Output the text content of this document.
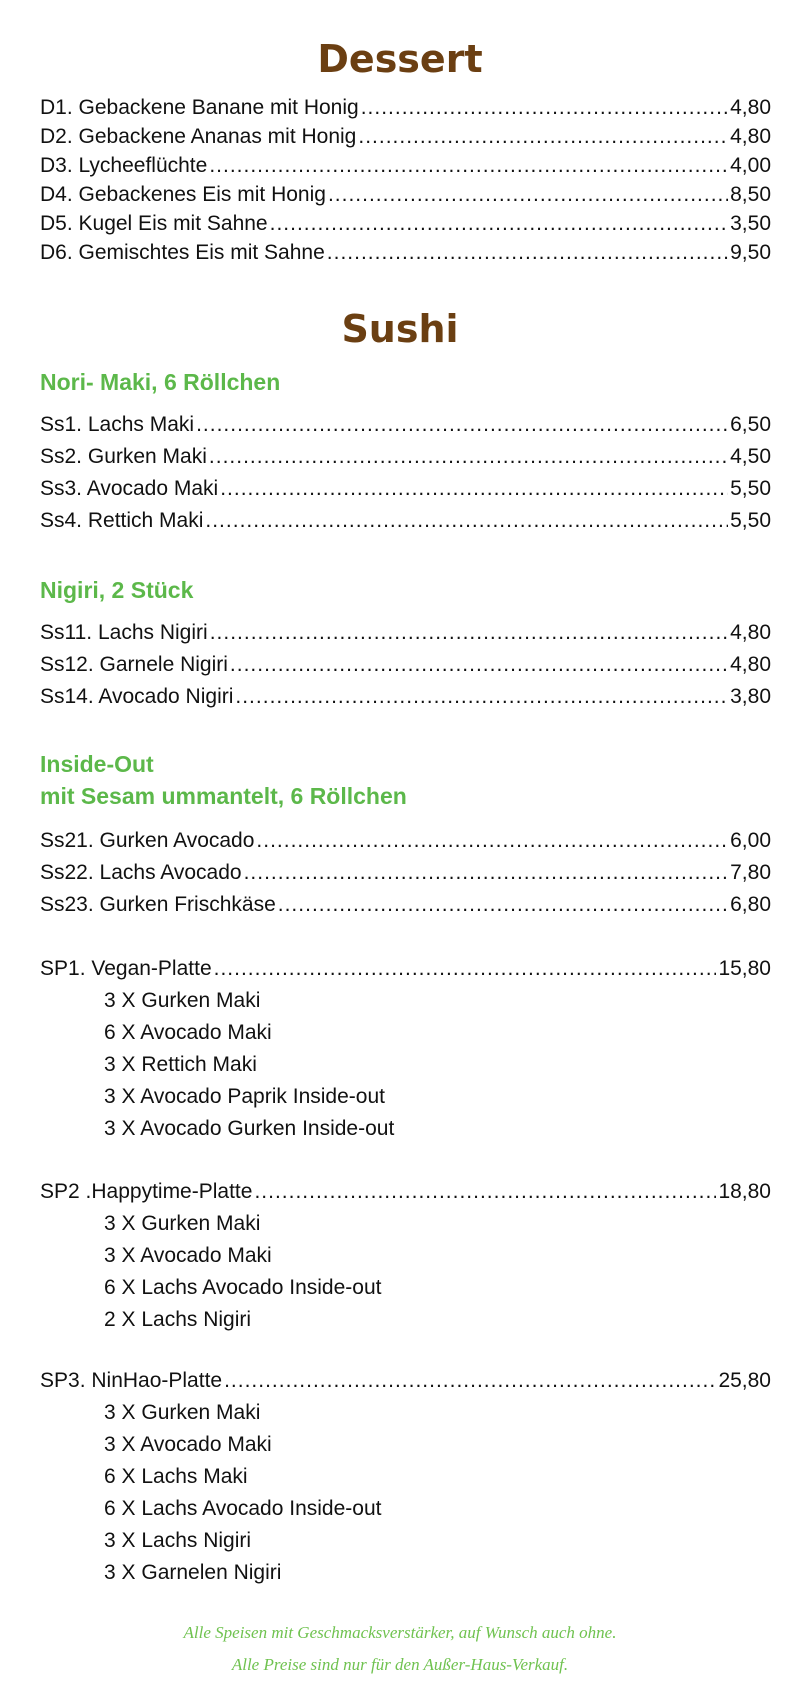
Dessert
D1. Gebackene Banane mit Honig .....	4,80
D2. Gebackene Ananas mit Honig .....	4,80
D3. Lycheeflüchte .....	4,00
D4. Gebackenes Eis mit Honig .....	8,50
D5. Kugel Eis mit Sahne .....	3,50
D6. Gemischtes Eis mit Sahne .....	9,50
Sushi
Nori- Maki, 6 Röllchen
Ss1. Lachs Maki .....	6,50
Ss2. Gurken Maki .....	4,50
Ss3. Avocado Maki .....	5,50
Ss4. Rettich Maki .....	5,50
Nigiri, 2 Stück
Ss11. Lachs Nigiri .....	4,80
Ss12. Garnele Nigiri .....	4,80
Ss14. Avocado Nigiri .....	3,80
Inside-Out
mit Sesam ummantelt, 6 Röllchen
Ss21. Gurken Avocado .....	6,00
Ss22. Lachs Avocado .....	7,80
Ss23. Gurken Frischkäse .....	6,80
SP1. Vegan-Platte .....	15,80
3 X Gurken Maki
6 X Avocado Maki
3 X Rettich Maki
3 X Avocado Paprik Inside-out
3 X Avocado Gurken Inside-out
SP2 .Happytime-Platte .....	18,80
3 X Gurken Maki
3 X Avocado Maki
6 X Lachs Avocado Inside-out
2 X Lachs Nigiri
SP3. NinHao-Platte .....	25,80
3 X Gurken Maki
3 X Avocado Maki
6 X Lachs Maki
6 X Lachs Avocado Inside-out
3 X Lachs Nigiri
3 X Garnelen Nigiri
Alle Speisen mit Geschmacksverstärker, auf Wunsch auch ohne.
Alle Preise sind nur für den Außer-Haus-Verkauf.
